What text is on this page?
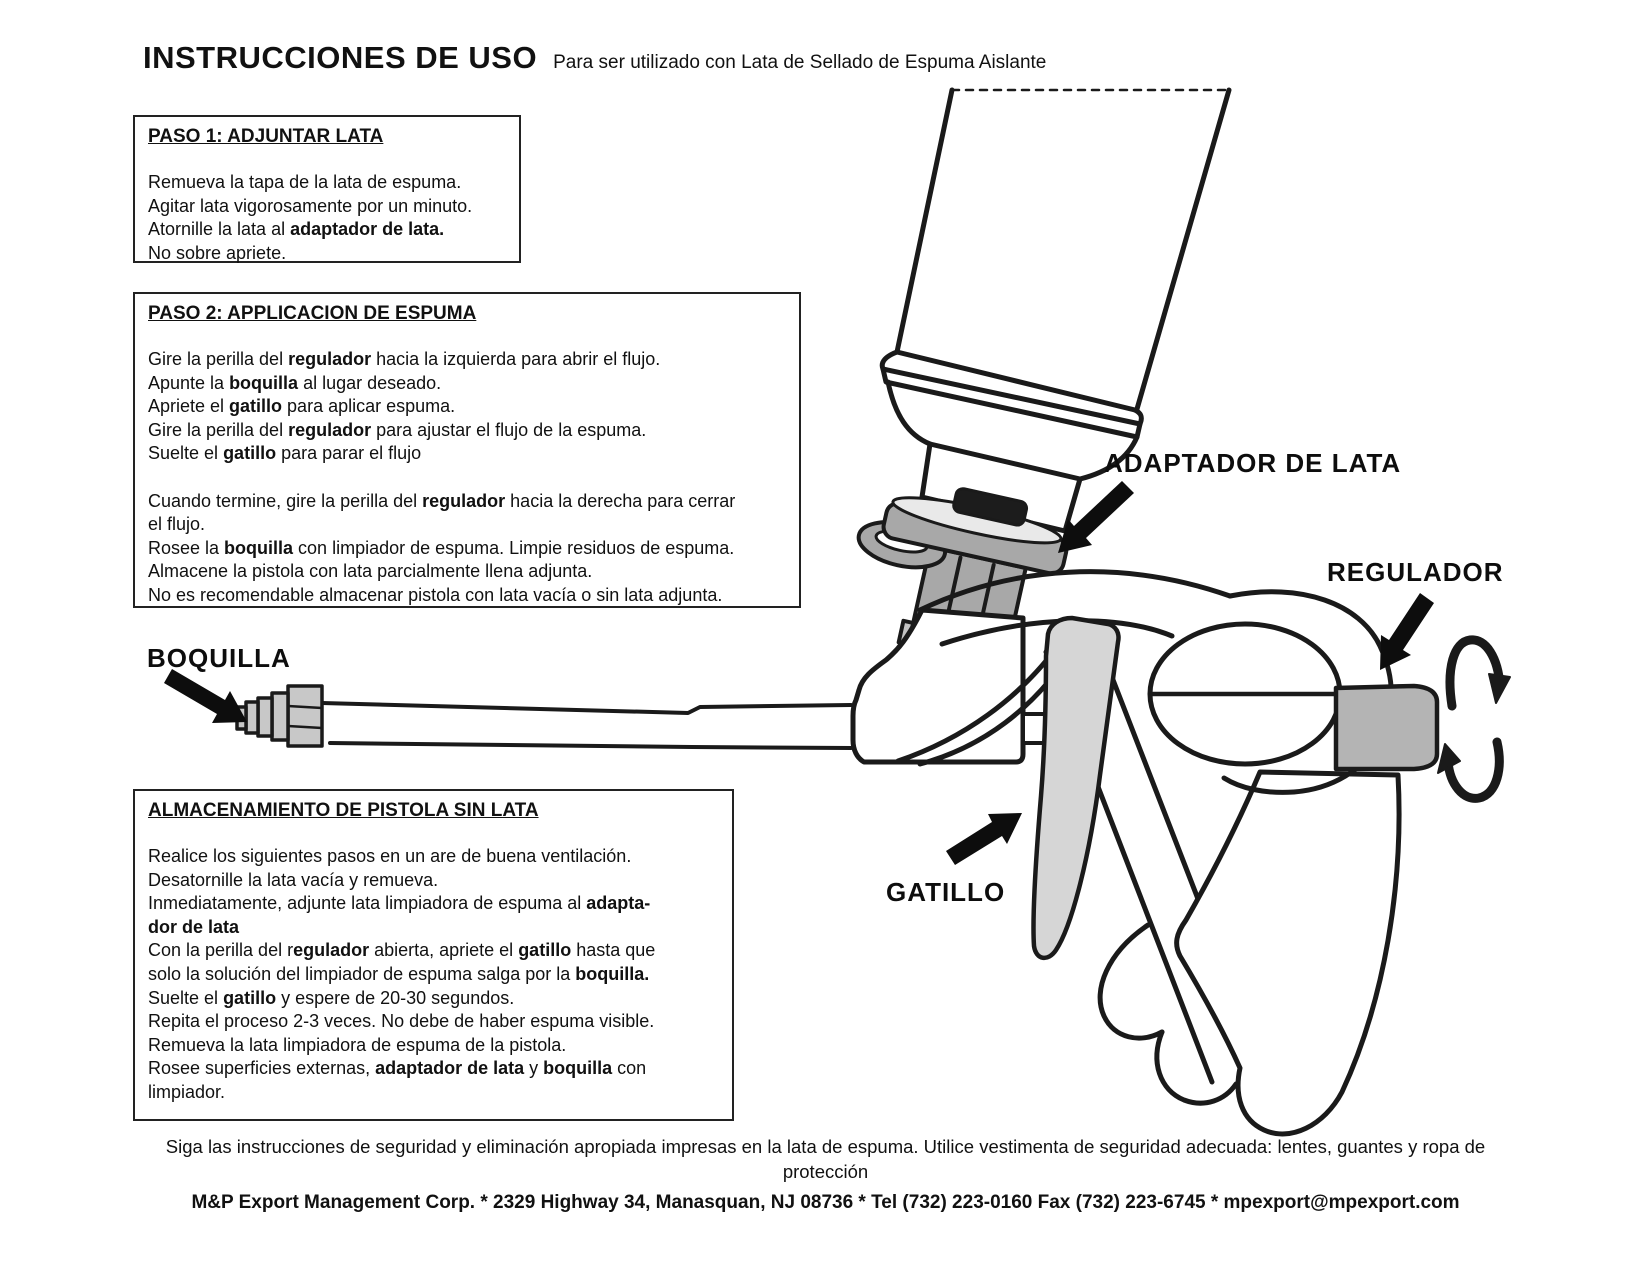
INSTRUCCIONES DE USO Para ser utilizado con Lata de Sellado de Espuma Aislante
PASO 1: ADJUNTAR LATA
Remueva la tapa de la lata de espuma.
Agitar lata vigorosamente por un minuto.
Atornille la lata al adaptador de lata.
No sobre apriete.
PASO 2: APPLICACION DE ESPUMA
Gire la perilla del regulador hacia la izquierda para abrir el flujo.
Apunte la boquilla al lugar deseado.
Apriete el gatillo para aplicar espuma.
Gire la perilla del regulador para ajustar el flujo de la espuma.
Suelte el gatillo para parar el flujo

Cuando termine, gire la perilla del regulador hacia la derecha para cerrar
el flujo.
Rosee la boquilla con limpiador de espuma. Limpie residuos de espuma.
Almacene la pistola con lata parcialmente llena adjunta.
No es recomendable almacenar pistola con lata vacía o sin lata adjunta.
ALMACENAMIENTO DE PISTOLA SIN LATA
Realice los siguientes pasos en un are de buena ventilación.
Desatornille la lata vacía y remueva.
Inmediatamente, adjunte lata limpiadora de espuma al adapta-
dor de lata
Con la perilla del regulador abierta, apriete el gatillo hasta que
solo la solución del limpiador de espuma salga por la boquilla.
Suelte el gatillo y espere de 20-30 segundos.
Repita el proceso 2-3 veces. No debe de haber espuma visible.
Remueva la lata limpiadora de espuma de la pistola.
Rosee superficies externas, adaptador de lata y boquilla con
limpiador.
ADAPTADOR DE LATA
REGULADOR
BOQUILLA
GATILLO
Siga las instrucciones de seguridad y eliminación apropiada impresas en la lata de espuma. Utilice vestimenta de seguridad adecuada: lentes, guantes y ropa de
protección
M&P Export Management Corp. * 2329 Highway 34, Manasquan, NJ 08736 * Tel (732) 223-0160 Fax (732) 223-6745 * mpexport@mpexport.com
